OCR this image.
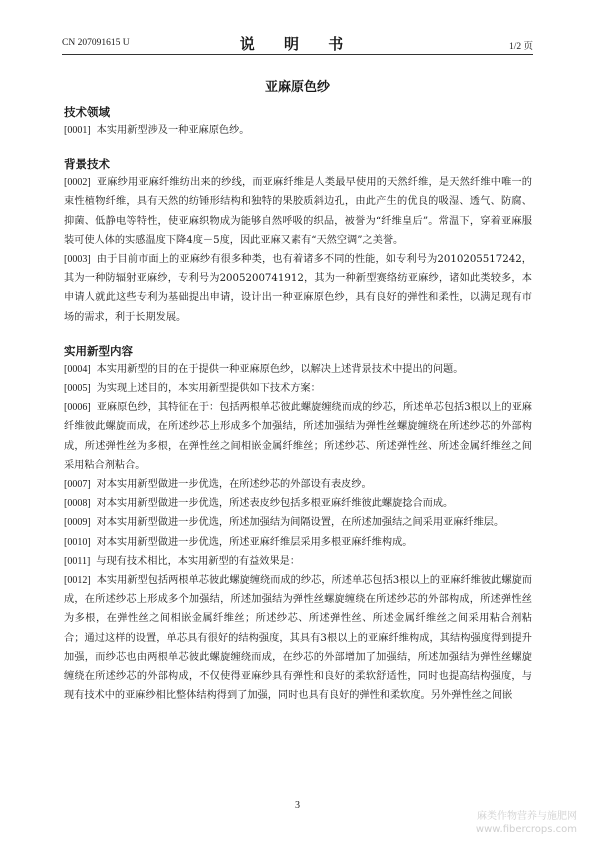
CN 207091615 U	说 明 书	1/2 页
亚麻原色纱
技术领域

[0001] 本实用新型涉及一种亚麻原色纱。

背景技术

[0002] 亚麻纱用亚麻纤维纺出来的纱线，而亚麻纤维是人类最早使用的天然纤维，是天然纤维中唯一的束性植物纤维，具有天然的纺锤形结构和独特的果胶质斜边孔，由此产生的优良的吸湿、透气、防腐、抑菌、低静电等特性，使亚麻织物成为能够自然呼吸的织品，被誉为“纤维皇后”。常温下，穿着亚麻服装可使人体的实感温度下降4度－5度，因此亚麻又素有“天然空调”之美誉。

[0003] 由于目前市面上的亚麻纱有很多种类，也有着诸多不同的性能，如专利号为2010205517242，其为一种防辐射亚麻纱，专利号为2005200741912，其为一种新型赛络纺亚麻纱，诸如此类较多，本申请人就此这些专利为基础提出申请，设计出一种亚麻原色纱，具有良好的弹性和柔性，以满足现有市场的需求，利于长期发展。

实用新型内容

[0004] 本实用新型的目的在于提供一种亚麻原色纱，以解决上述背景技术中提出的问题。

[0005] 为实现上述目的，本实用新型提供如下技术方案：

[0006] 亚麻原色纱，其特征在于：包括两根单芯彼此螺旋缠绕而成的纱芯，所述单芯包括3根以上的亚麻纤维彼此螺旋而成，在所述纱芯上形成多个加强结，所述加强结为弹性丝螺旋缠绕在所述纱芯的外部构成，所述弹性丝为多根，在弹性丝之间相嵌金属纤维丝；所述纱芯、所述弹性丝、所述金属纤维丝之间采用粘合剂粘合。

[0007] 对本实用新型做进一步优选，在所述纱芯的外部设有表皮纱。

[0008] 对本实用新型做进一步优选，所述表皮纱包括多根亚麻纤维彼此螺旋捻合而成。

[0009] 对本实用新型做进一步优选，所述加强结为间隔设置，在所述加强结之间采用亚麻纤维层。

[0010] 对本实用新型做进一步优选，所述亚麻纤维层采用多根亚麻纤维构成。

[0011] 与现有技术相比，本实用新型的有益效果是：

[0012] 本实用新型包括两根单芯彼此螺旋缠绕而成的纱芯，所述单芯包括3根以上的亚麻纤维彼此螺旋而成，在所述纱芯上形成多个加强结，所述加强结为弹性丝螺旋缠绕在所述纱芯的外部构成，所述弹性丝为多根，在弹性丝之间相嵌金属纤维丝；所述纱芯、所述弹性丝、所述金属纤维丝之间采用粘合剂粘合；通过这样的设置，单芯具有很好的结构强度，其具有3根以上的亚麻纤维构成，其结构强度得到提升加强，而纱芯也由两根单芯彼此螺旋缠绕而成，在纱芯的外部增加了加强结，所述加强结为弹性丝螺旋缠绕在所述纱芯的外部构成，不仅使得亚麻纱具有弹性和良好的柔软舒适性，同时也提高结构强度，与现有技术中的亚麻纱相比整体结构得到了加强，同时也具有良好的弹性和柔软度。另外弹性丝之间嵌

3
麻类作物营养与施肥网
www.fibercrops.com
